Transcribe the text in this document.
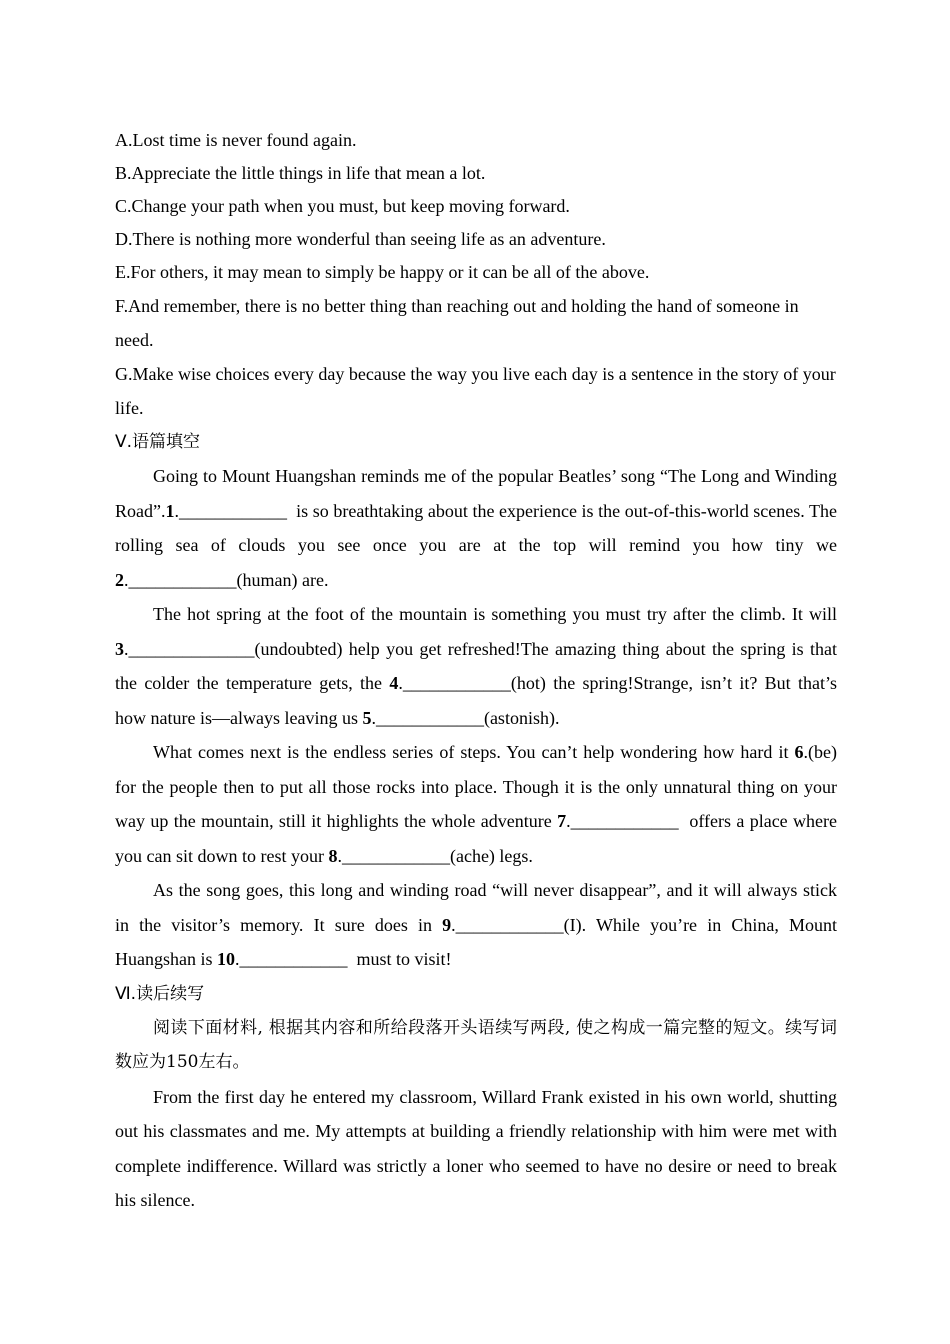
A.Lost time is never found again.

B.Appreciate the little things in life that mean a lot.

C.Change your path when you must, but keep moving forward.

D.There is nothing more wonderful than seeing life as an adventure.

E.For others, it may mean to simply be happy or it can be all of the above.

F.And remember, there is no better thing than reaching out and holding the hand of someone in need.

G.Make wise choices every day because the way you live each day is a sentence in the story of your life.

Ⅴ.语篇填空

Going to Mount Huangshan reminds me of the popular Beatles’ song “The Long and Winding Road”.1.____________  is so breathtaking about the experience is the out-of-this-world scenes. The rolling sea of clouds you see once you are at the top will remind you how tiny we 2.____________(human) are.

The hot spring at the foot of the mountain is something you must try after the climb. It will 3.______________(undoubted) help you get refreshed!The amazing thing about the spring is that the colder the temperature gets, the 4.____________(hot) the spring!Strange, isn’t it? But that’s how nature is—always leaving us 5.____________(astonish).

What comes next is the endless series of steps. You can’t help wondering how hard it 6.(be) for the people then to put all those rocks into place. Though it is the only unnatural thing on your way up the mountain, still it highlights the whole adventure 7.____________  offers a place where you can sit down to rest your 8.____________(ache) legs.

As the song goes, this long and winding road “will never disappear”, and it will always stick in the visitor’s memory. It sure does in 9.____________(I). While you’re in China, Mount Huangshan is 10.____________  must to visit!

Ⅵ.读后续写

阅读下面材料, 根据其内容和所给段落开头语续写两段, 使之构成一篇完整的短文。续写词数应为150左右。

From the first day he entered my classroom, Willard Frank existed in his own world, shutting out his classmates and me. My attempts at building a friendly relationship with him were met with complete indifference. Willard was strictly a loner who seemed to have no desire or need to break his silence.
